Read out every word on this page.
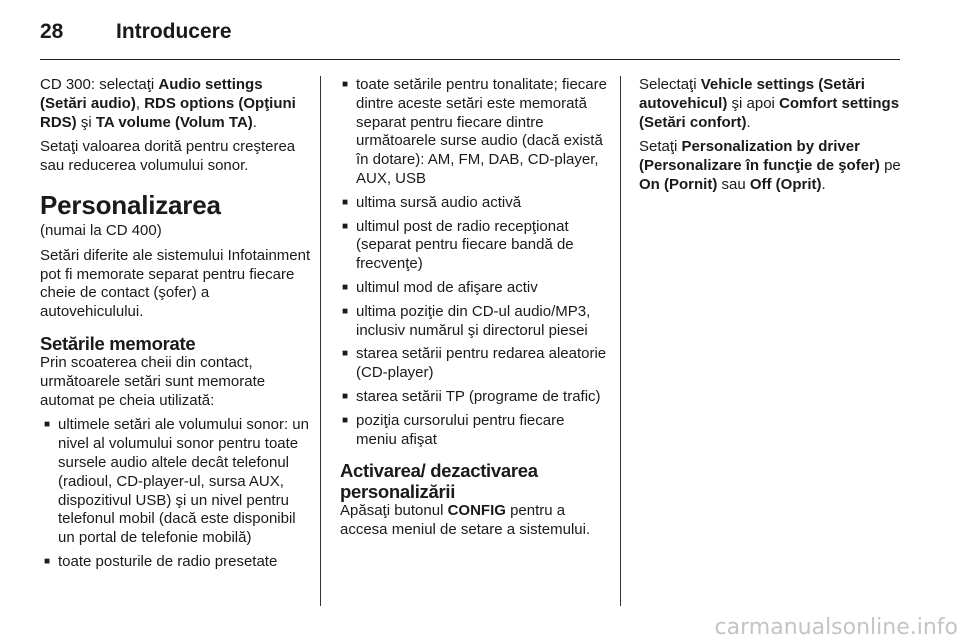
28	Introducere

CD 300: selectaţi Audio settings (Setări audio), RDS options (Opţiuni RDS) şi TA volume (Volum TA).

Setaţi valoarea dorită pentru creşterea sau reducerea volumului sonor.

Personalizarea

(numai la CD 400)

Setări diferite ale sistemului Infotainment pot fi memorate separat pentru fiecare cheie de contact (şofer) a autovehiculului.

Setările memorate

Prin scoaterea cheii din contact, următoarele setări sunt memorate automat pe cheia utilizată:

■ ultimele setări ale volumului sonor: un nivel al volumului sonor pentru toate sursele audio altele decât telefonul (radioul, CD-player-ul, sursa AUX, dispozitivul USB) şi un nivel pentru telefonul mobil (dacă este disponibil un portal de telefonie mobilă)
■ toate posturile de radio presetate
■ toate setările pentru tonalitate; fiecare dintre aceste setări este memorată separat pentru fiecare dintre următoarele surse audio (dacă există în dotare): AM, FM, DAB, CD-player, AUX, USB
■ ultima sursă audio activă
■ ultimul post de radio recepţionat (separat pentru fiecare bandă de frecvenţe)
■ ultimul mod de afişare activ
■ ultima poziţie din CD-ul audio/MP3, inclusiv numărul şi directorul piesei
■ starea setării pentru redarea aleatorie (CD-player)
■ starea setării TP (programe de trafic)
■ poziţia cursorului pentru fiecare meniu afişat
Activarea/ dezactivarea personalizării

Apăsaţi butonul CONFIG pentru a accesa meniul de setare a sistemului.

Selectaţi Vehicle settings (Setări autovehicul) şi apoi Comfort settings (Setări confort).

Setaţi Personalization by driver (Personalizare în funcţie de şofer) pe On (Pornit) sau Off (Oprit).

carmanualsonline.info
